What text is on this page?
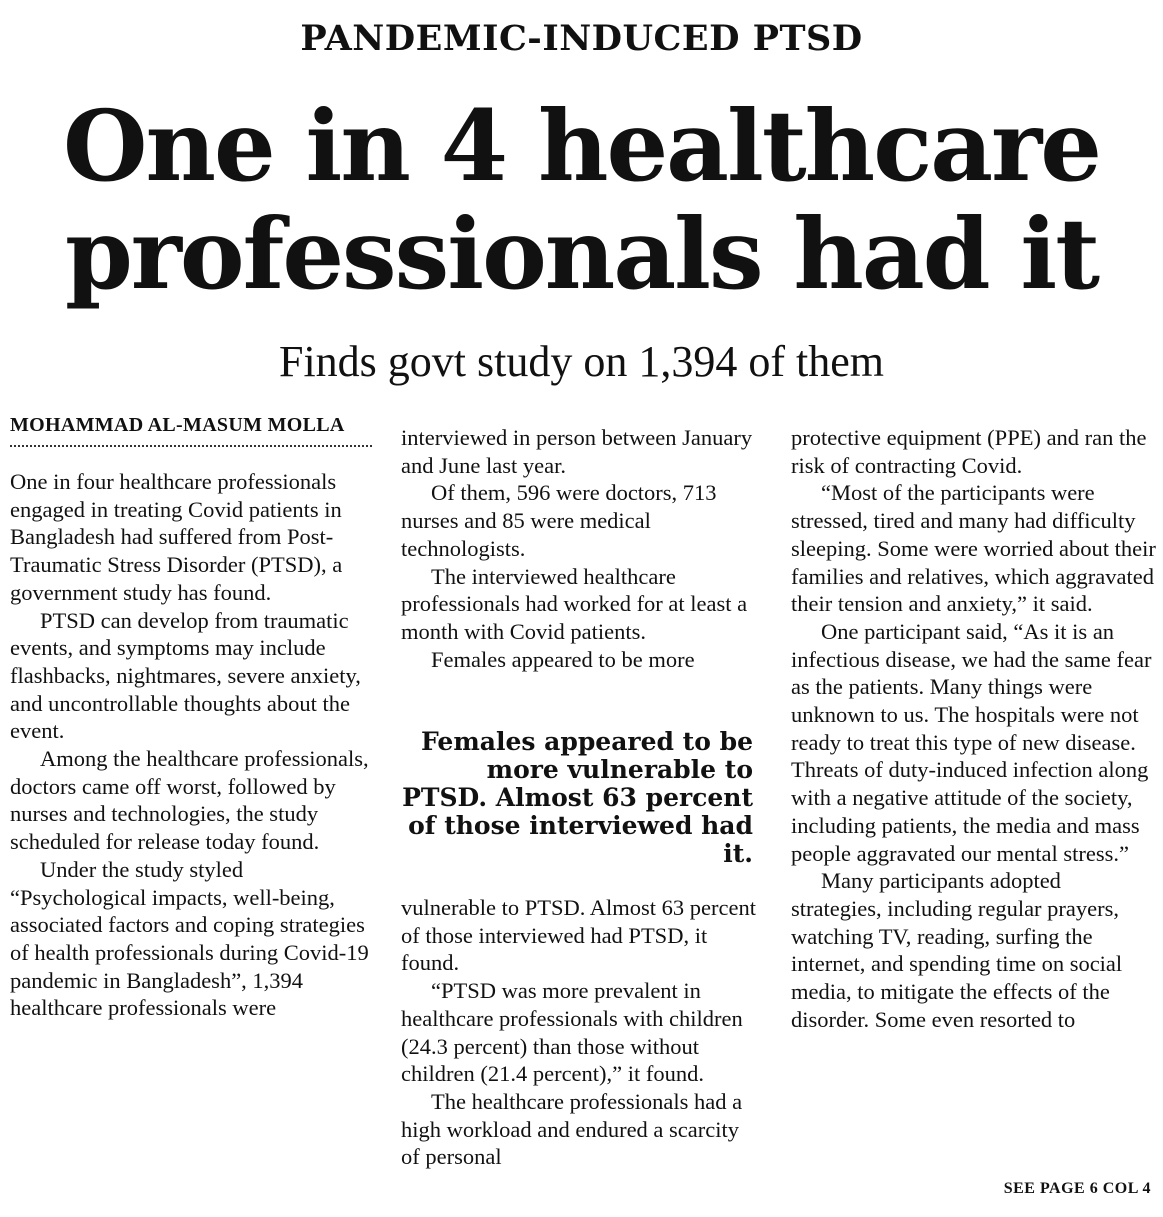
PANDEMIC-INDUCED PTSD
One in 4 healthcare
professionals had it
Finds govt study on 1,394 of them
MOHAMMAD AL-MASUM MOLLA

One in four healthcare professionals engaged in treating Covid patients in Bangladesh had suffered from Post-Traumatic Stress Disorder (PTSD), a government study has found.

PTSD can develop from traumatic events, and symptoms may include flashbacks, nightmares, severe anxiety, and uncontrollable thoughts about the event.

Among the healthcare professionals, doctors came off worst, followed by nurses and technologies, the study scheduled for release today found.

Under the study styled “Psychological impacts, well-being, associated factors and coping strategies of health professionals during Covid-19 pandemic in Bangladesh”, 1,394 healthcare professionals were

interviewed in person between January and June last year.

Of them, 596 were doctors, 713 nurses and 85 were medical technologists.

The interviewed healthcare professionals had worked for at least a month with Covid patients.

Females appeared to be more

Females appeared to be more vulnerable to PTSD. Almost 63 percent of those interviewed had it.

vulnerable to PTSD. Almost 63 percent of those interviewed had PTSD, it found.

“PTSD was more prevalent in healthcare professionals with children (24.3 percent) than those without children (21.4 percent),” it found.

The healthcare professionals had a high workload and endured a scarcity of personal

protective equipment (PPE) and ran the risk of contracting Covid.

“Most of the participants were stressed, tired and many had difficulty sleeping. Some were worried about their families and relatives, which aggravated their tension and anxiety,” it said.

One participant said, “As it is an infectious disease, we had the same fear as the patients. Many things were unknown to us. The hospitals were not ready to treat this type of new disease. Threats of duty-induced infection along with a negative attitude of the society, including patients, the media and mass people aggravated our mental stress.”

Many participants adopted strategies, including regular prayers, watching TV, reading, surfing the internet, and spending time on social media, to mitigate the effects of the disorder. Some even resorted to

SEE PAGE 6 COL 4
